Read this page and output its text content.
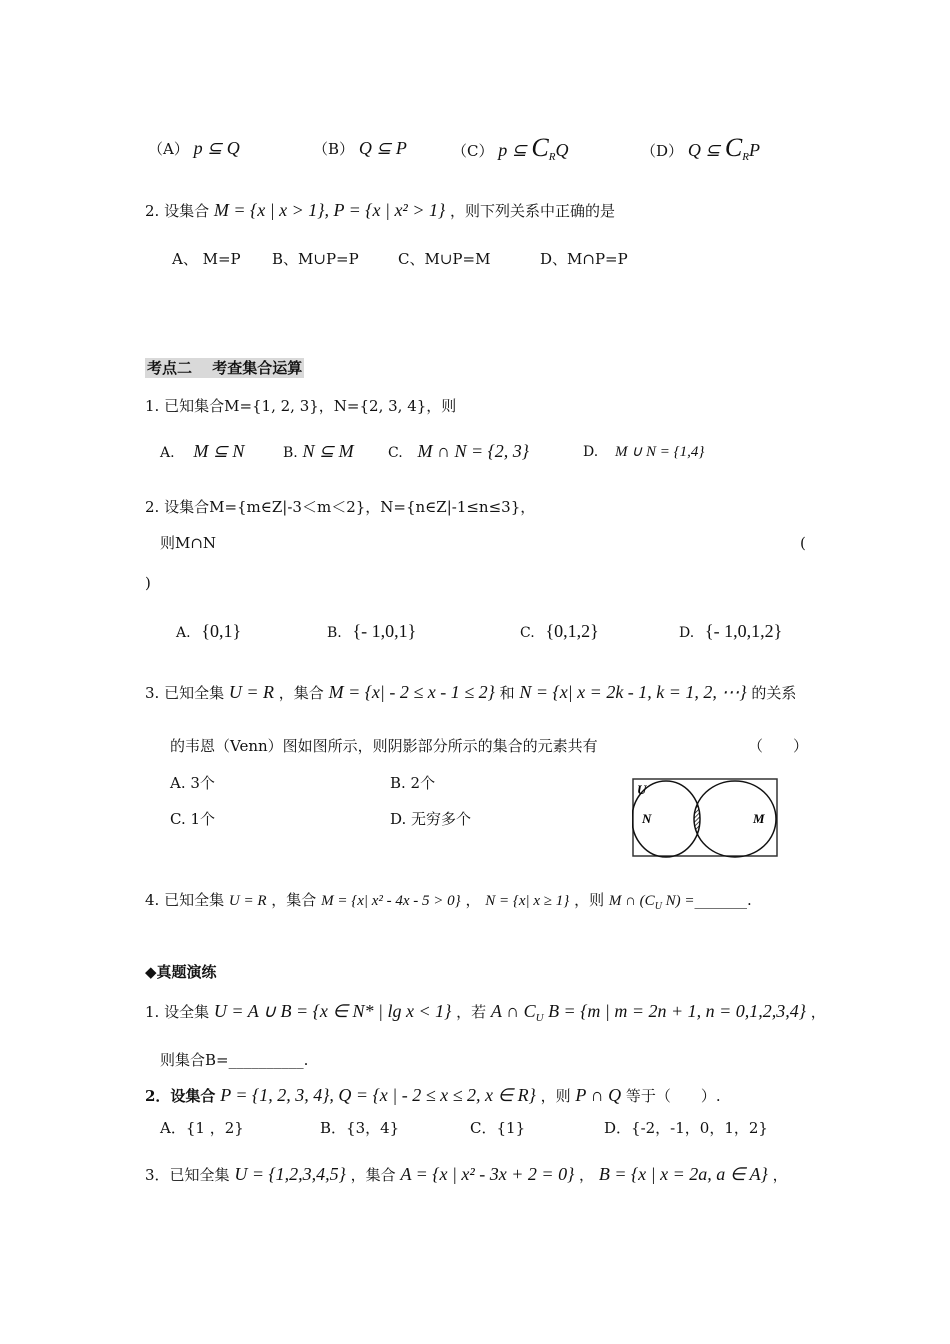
（A） p ⊆ Q	（B） Q ⊆ P	（C） p ⊆ $C_RQ$	（D） Q ⊆ $C_RP$
2. 设集合 M = {x | x > 1}, P = {x | x² > 1} ，则下列关系中正确的是
A、 M=P B、M∪P=P	C、M∪P=M	D、M∩P=P
考点二　 考查集合运算
1. 已知集合M={1, 2, 3}，N={2, 3, 4}，则
A. M ⊆ N	B. N ⊆ M C. M ∩ N = {2, 3}	D. M ∪ N = {1,4}
2. 设集合M={m∈Z|-3＜m＜2}，N={n∈Z|-1≤n≤3}，
则M∩N	(
)
A. {0,1}	B. {- 1,0,1}	C. {0,1,2}	D. {- 1,0,1,2}
3. 已知全集 U = R ，集合 M = {x| - 2 ≤ x - 1 ≤ 2} 和 N = {x| x = 2k - 1, k = 1, 2, ⋯} 的关系
的韦恩（Venn）图如图所示，则阴影部分所示的集合的元素共有	（　　）
A. 3个	B. 2个
C. 1个	D. 无穷多个
U
N	M
4. 已知全集 U = R ，集合 M = {x| x² - 4x - 5 > 0} ， N = {x| x ≥ 1} ，则 M ∩ ($C_U$ N) =_______.
◆真题演练
1. 设全集 U = A ∪ B = {x ∈ N* | lg x < 1} ，若 A ∩ $C_U$ B = {m | m = 2n + 1, n = 0,1,2,3,4} ，
则集合B=__________.
2．设集合 P = {1, 2, 3, 4}, Q = {x | - 2 ≤ x ≤ 2, x ∈ R} ，则 P ∩ Q 等于（　　）.
A．{1 ，2}	B．{3，4}	C．{1}	D．{-2，-1，0，1，2}
3．已知全集 U = {1,2,3,4,5} ，集合 A = {x | x² - 3x + 2 = 0} ， B = {x | x = 2a, a ∈ A} ，
